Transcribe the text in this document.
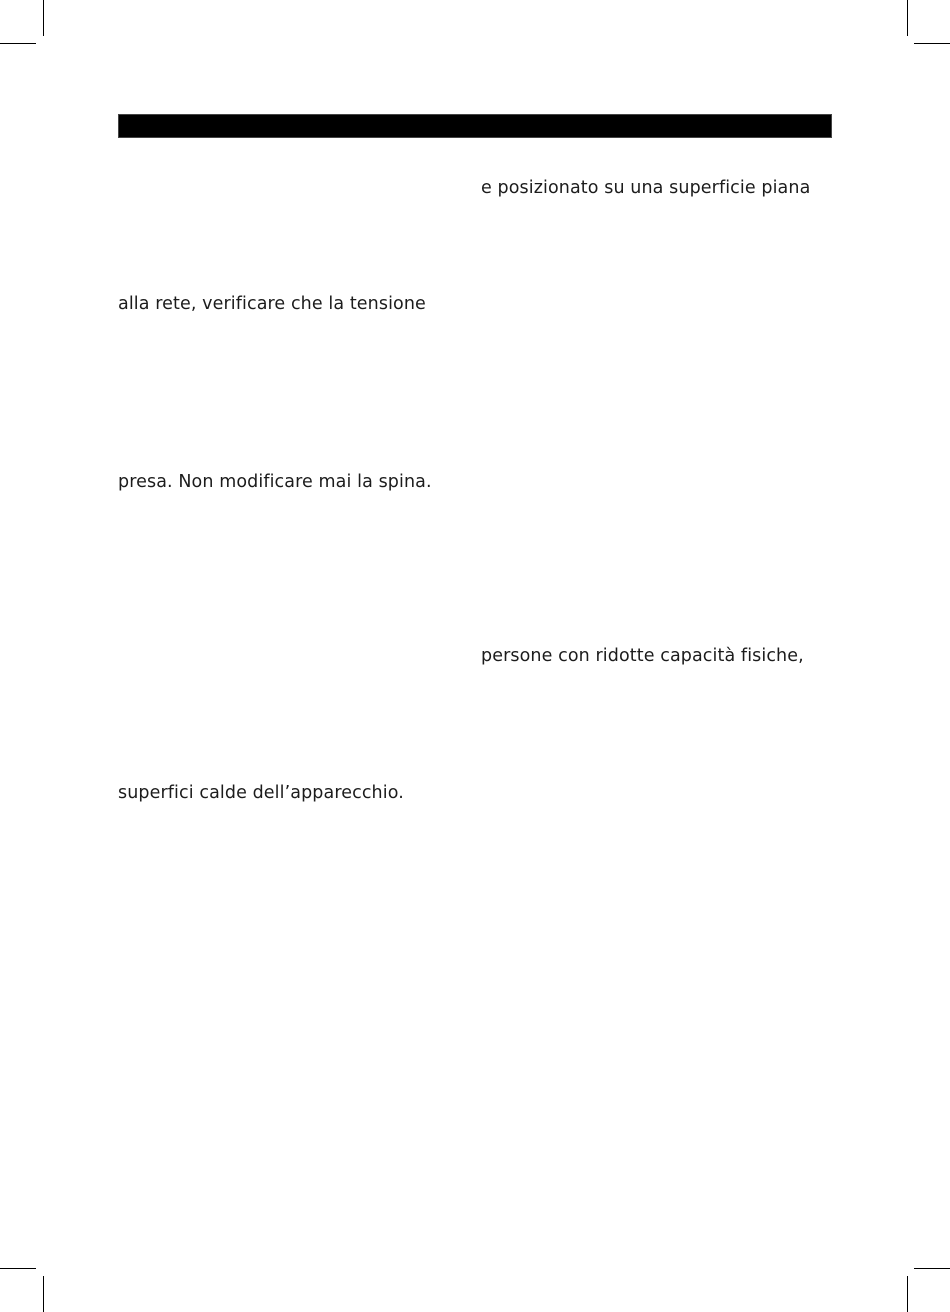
e posizionato su una superficie piana
alla rete, verificare che la tensione
presa. Non modificare mai la spina.
persone con ridotte capacità fisiche,
superfici calde dell’apparecchio.
